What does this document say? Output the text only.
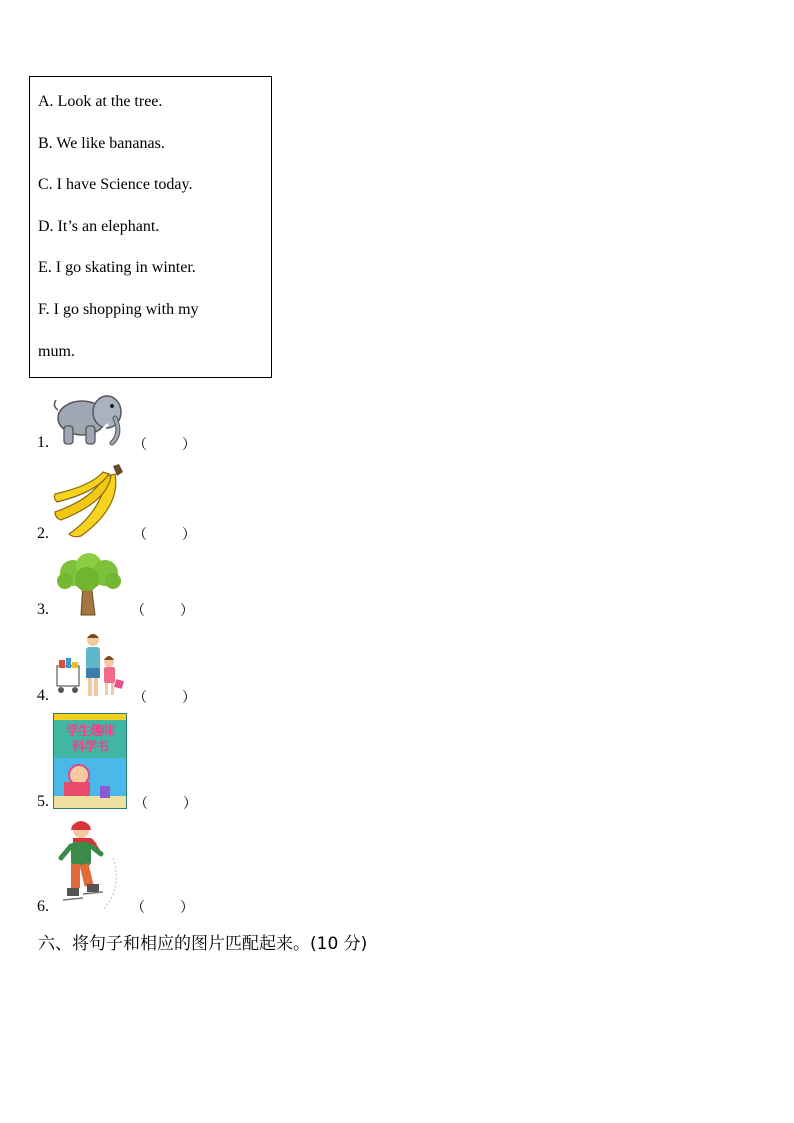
A. Look at the tree.
B. We like bananas.
C. I have Science today.
D. It’s an elephant.
E. I go skating in winter.
F. I go shopping with my
mum.
1.	（          ）
2.	（          ）
3.	（          ）
4.	（          ）
5.
学生趣味
科学书
（          ）
6.	（          ）
六、将句子和相应的图片匹配起来。(10 分)
